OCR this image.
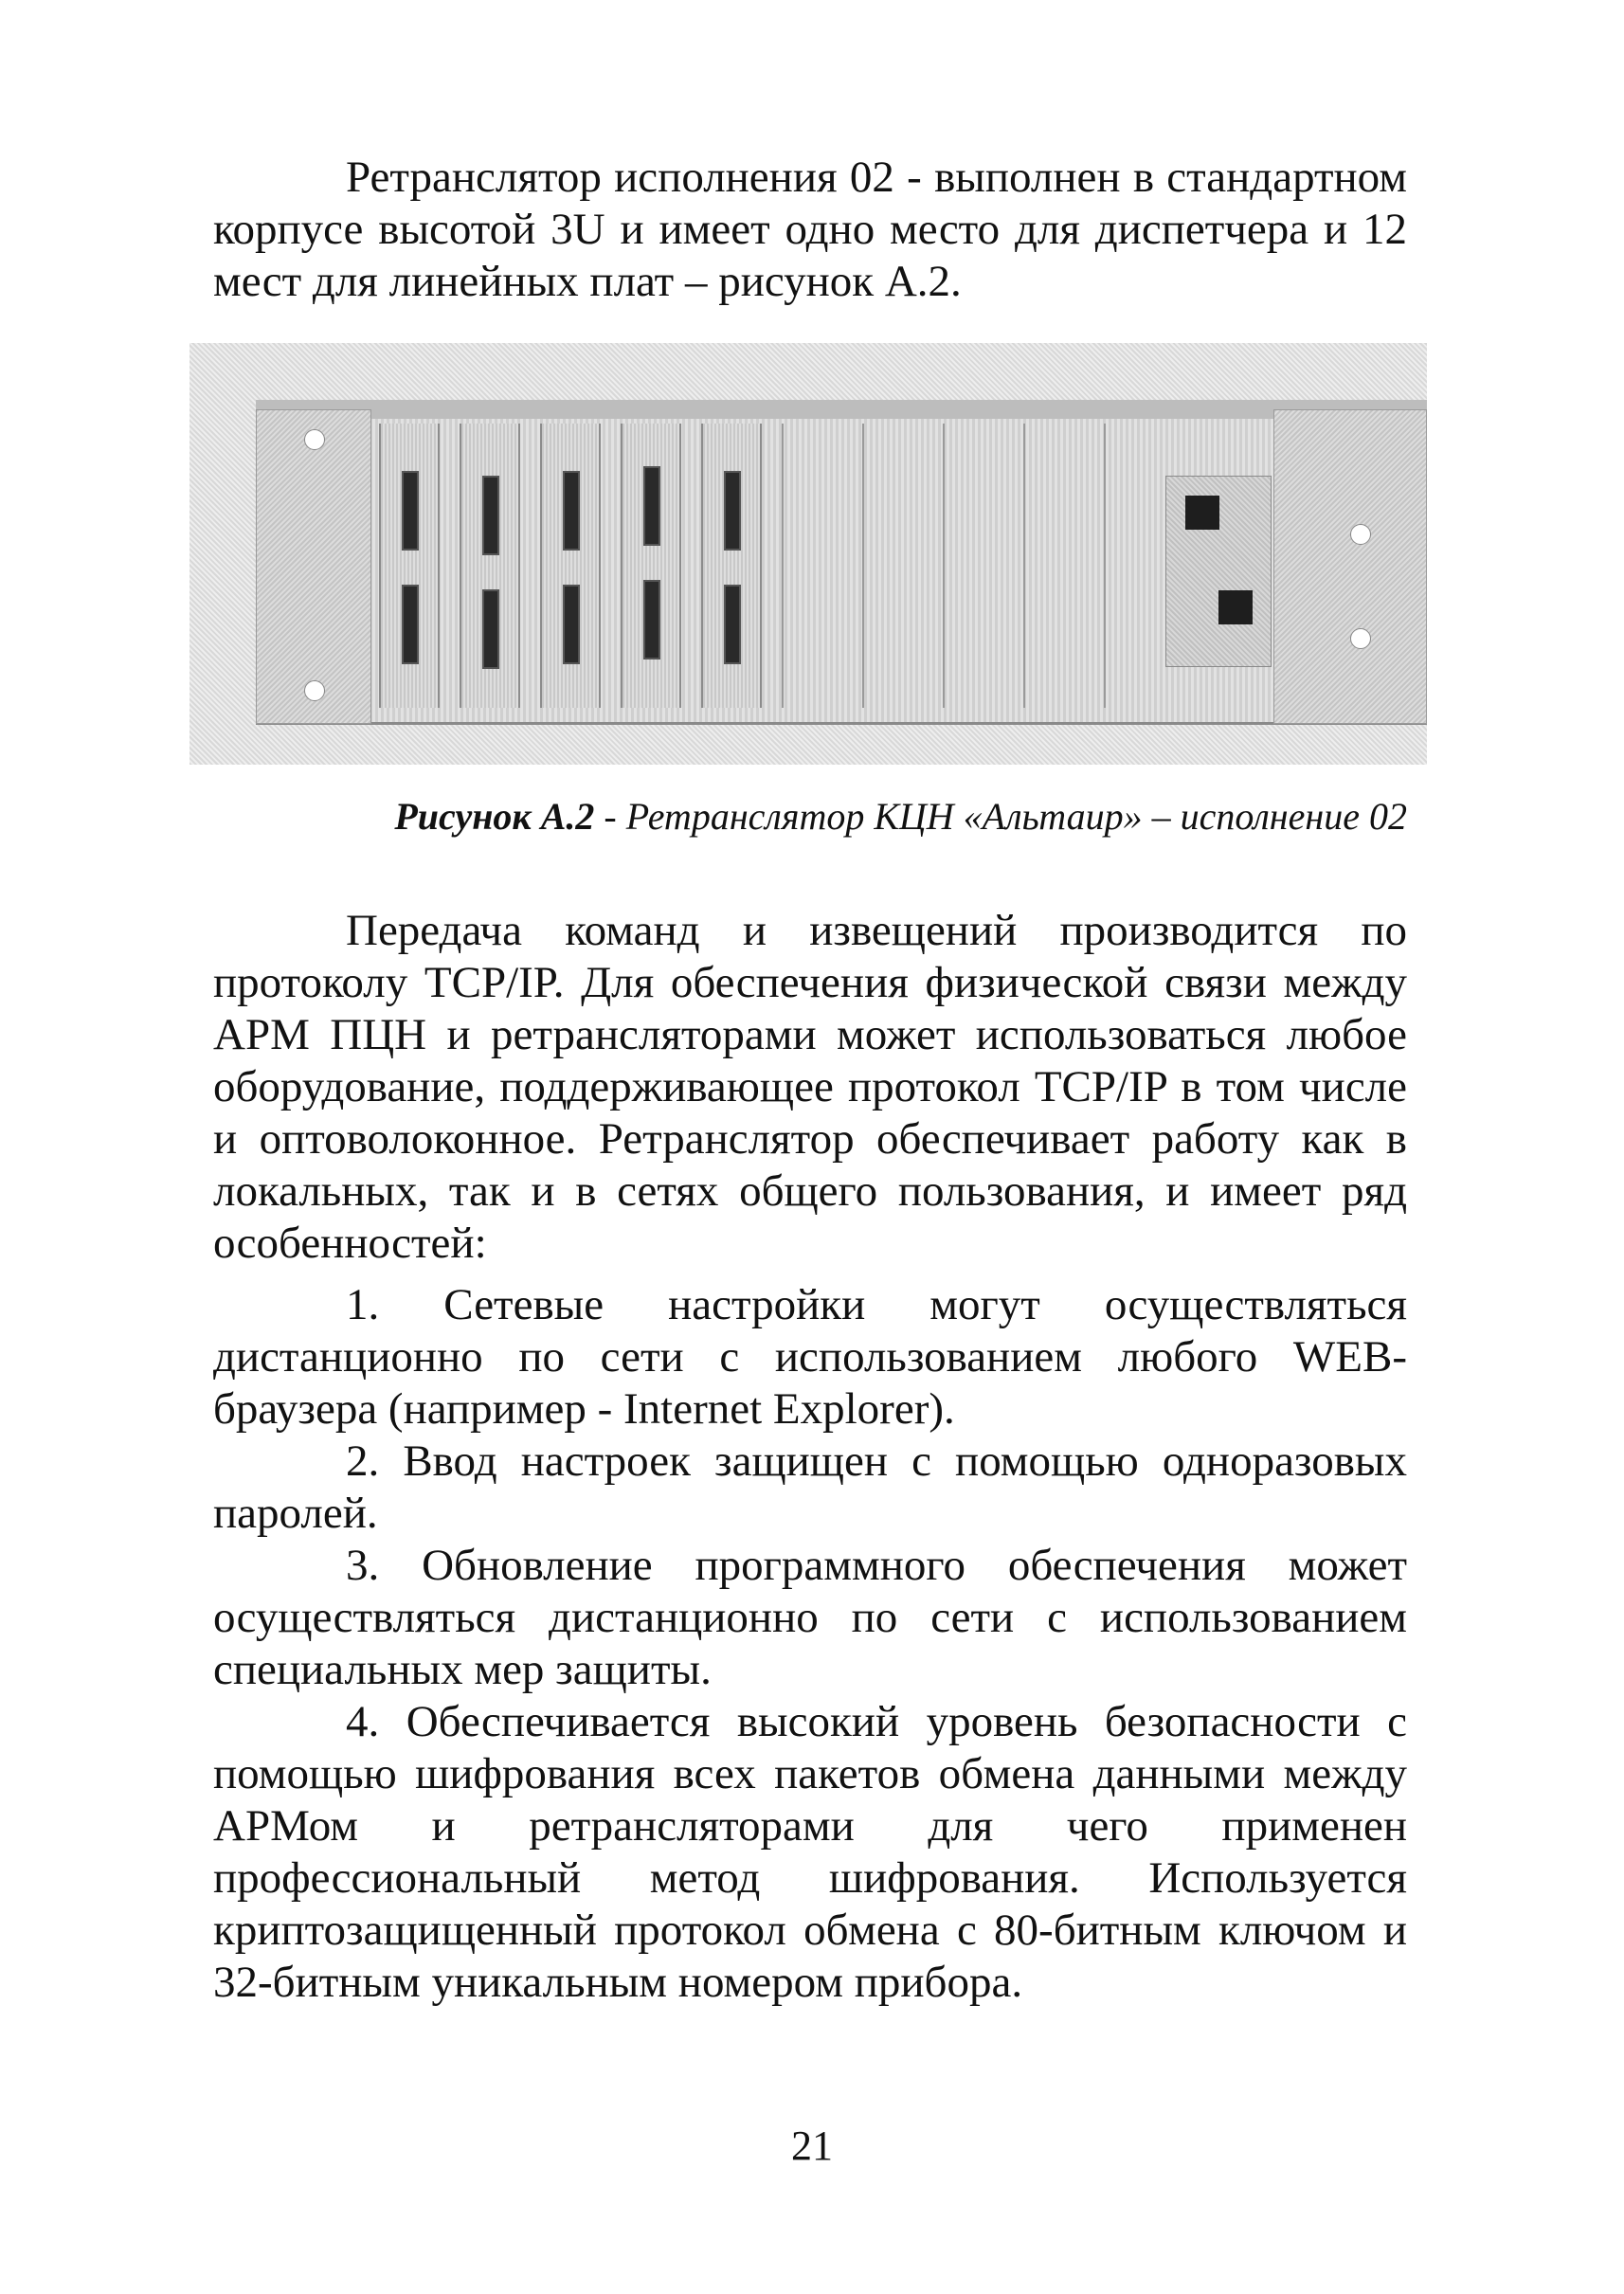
Ретранслятор исполнения 02 - выполнен в стандартном корпусе высотой 3U и имеет одно место для диспетчера и 12 мест для линейных плат – рисунок А.2.

Рисунок А.2 - Ретранслятор КЦН «Альтаир» – исполнение 02

Передача команд и извещений производится по протоколу TCP/IP. Для обеспечения физической связи между АРМ ПЦН и ретрансляторами может использоваться любое оборудование, поддерживающее протокол TCP/IP в том числе и оптоволоконное. Ретранслятор обеспечивает работу как в локальных, так и в сетях общего пользования, и имеет ряд особенностей:

1. Сетевые настройки могут осуществляться дистанционно по сети с использованием любого WEB-браузера (например - Internet Explorer).

2. Ввод настроек защищен с помощью одноразовых паролей.

3. Обновление программного обеспечения может осуществляться дистанционно по сети с использованием специальных мер защиты.

4. Обеспечивается высокий уровень безопасности с помощью шифрования всех пакетов обмена данными между АРМом и ретрансляторами для чего применен профессиональный метод шифрования. Используется криптозащищенный протокол обмена с 80-битным ключом и 32-битным уникальным номером прибора.

21
